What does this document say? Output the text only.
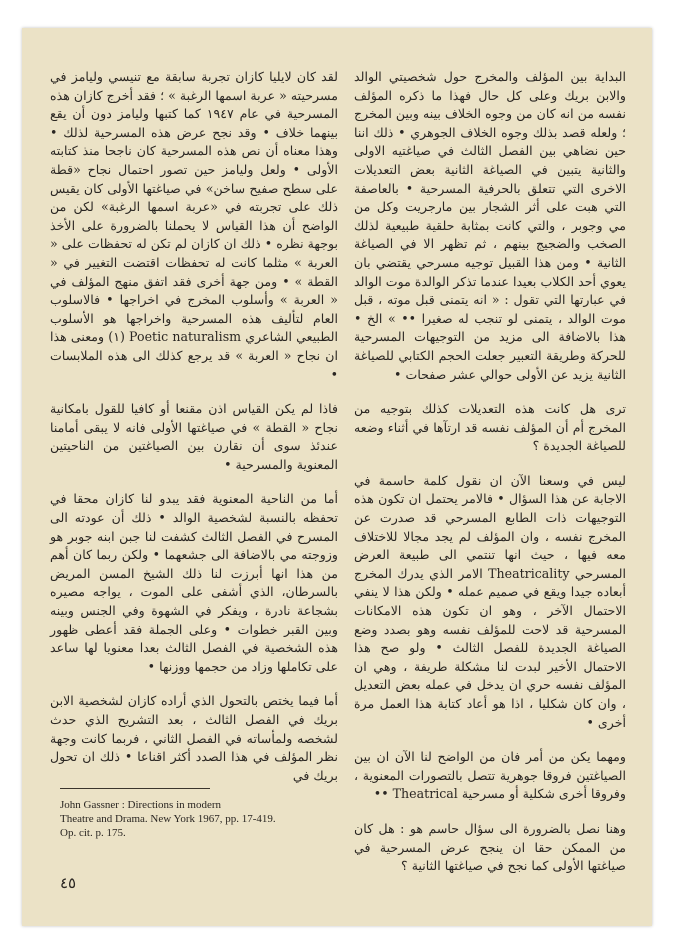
البداية بين المؤلف والمخرج حول شخصيتي الوالد والابن بريك وعلى كل حال فهذا ما ذكره المؤلف نفسه من انه كان من وجوه الخلاف بينه وبين المخرج ؛ ولعله قصد بذلك وجوه الخلاف الجوهري • ذلك اننا حين نضاهي بين الفصل الثالث في صياغتيه الاولى والثانية يتبين في الصياغة الثانية بعض التعديلات الاخرى التي تتعلق بالحرفية المسرحية • بالعاصفة التي هبت على أثر الشجار بين مارجريت وكل من مي وجوبر ، والتي كانت بمثابة حلقية طبيعية لذلك الصخب والضجيج بينهم ، ثم تظهر الا في الصياغة الثانية • ومن هذا القبيل توجيه مسرحي يقتضي بان يعوي أحد الكلاب بعيدا عندما تذكر الوالدة موت الوالد في عبارتها التي تقول : « انه يتمنى قبل موته ، قبل موت الوالد ، يتمنى لو تنجب له صغيرا •• » الخ • هذا بالاضافة الى مزيد من التوجيهات المسرحية للحركة وطريقة التعبير جعلت الحجم الكتابي للصياغة الثانية يزيد عن الأولى حوالي عشر صفحات •

ترى هل كانت هذه التعديلات كذلك بتوجيه من المخرج أم أن المؤلف نفسه قد ارتآها في أثناء وضعه للصياغة الجديدة ؟

ليس في وسعنا الآن ان نقول كلمة حاسمة في الاجابة عن هذا السؤال • فالامر يحتمل ان تكون هذه التوجيهات ذات الطابع المسرحي قد صدرت عن المخرج نفسه ، وان المؤلف لم يجد مجالا للاختلاف معه فيها ، حيث انها تنتمي الى طبيعة العرض المسرحي Theatricality الامر الذي يدرك المخرج أبعاده جيدا ويقع في صميم عمله • ولكن هذا لا ينفي الاحتمال الآخر ، وهو ان تكون هذه الامكانات المسرحية قد لاحت للمؤلف نفسه وهو بصدد وضع الصياغة الجديدة للفصل الثالث • ولو صح هذا الاحتمال الأخير لبدت لنا مشكلة طريفة ، وهي ان المؤلف نفسه حري ان يدخل في عمله بعض التعديل ، وان كان شكليا ، اذا هو أعاد كتابة هذا العمل مرة أخرى •

ومهما يكن من أمر فان من الواضح لنا الآن ان بين الصياغتين فروقا جوهرية تتصل بالتصورات المعنوية ، وفروقا أخرى شكلية أو مسرحية Theatrical ••

وهنا نصل بالضرورة الى سؤال حاسم هو : هل كان من الممكن حقا ان ينجح عرض المسرحية في صياغتها الأولى كما نجح في صياغتها الثانية ؟

لقد كان لايليا كازان تجربة سابقة مع تنيسي وليامز في مسرحيته « عربة اسمها الرغبة » ؛ فقد أخرج كازان هذه المسرحية في عام ١٩٤٧ كما كتبها وليامز دون أن يقع بينهما خلاف • وقد نجح عرض هذه المسرحية لذلك • وهذا معناه أن نص هذه المسرحية كان ناجحا منذ كتابته الأولى • ولعل وليامز حين تصور احتمال نجاح «قطة على سطح صفيح ساخن» في صياغتها الأولى كان يقيس ذلك على تجربته في «عربة اسمها الرغبة» لكن من الواضح أن هذا القياس لا يحملنا بالضرورة على الأخذ بوجهة نظره • ذلك ان كازان لم تكن له تحفظات على « العربة » مثلما كانت له تحفظات اقتضت التغيير في « القطة » • ومن جهة أخرى فقد اتفق منهج المؤلف في « العربة » وأسلوب المخرج في اخراجها • فالاسلوب العام لتأليف هذه المسرحية واخراجها هو الأسلوب الطبيعي الشاعري Poetic naturalism (١) ومعنى هذا ان نجاح « العربة » قد يرجع كذلك الى هذه الملابسات •

فاذا لم يكن القياس اذن مقنعا أو كافيا للقول بامكانية نجاح « القطة » في صياغتها الأولى فانه لا يبقى أمامنا عندئذ سوى أن نقارن بين الصياغتين من الناحيتين المعنوية والمسرحية •

أما من الناحية المعنوية فقد يبدو لنا كازان محقا في تحفظه بالنسبة لشخصية الوالد • ذلك أن عودته الى المسرح في الفصل الثالث كشفت لنا جبن ابنه جوبر هو وزوجته مي بالاضافة الى جشعهما • ولكن ربما كان أهم من هذا انها أبرزت لنا ذلك الشيخ المسن المريض بالسرطان، الذي أشفى على الموت ، يواجه مصيره بشجاعة نادرة ، ويفكر في الشهوة وفي الجنس وبينه وبين القبر خطوات • وعلى الجملة فقد أعطى ظهور هذه الشخصية في الفصل الثالث بعدا معنويا لها ساعد على تكاملها وزاد من حجمها ووزنها •

أما فيما يختص بالتحول الذي أراده كازان لشخصية الابن بريك في الفصل الثالث ، بعد التشريح الذي حدث لشخصه ولمأساته في الفصل الثاني ، فربما كانت وجهة نظر المؤلف في هذا الصدد أكثر اقناعا • ذلك ان تحول بريك في

John Gassner : Directions in modern
Theatre and Drama. New York 1967, pp. 17-419.
Op. cit. p. 175.
٤٥
